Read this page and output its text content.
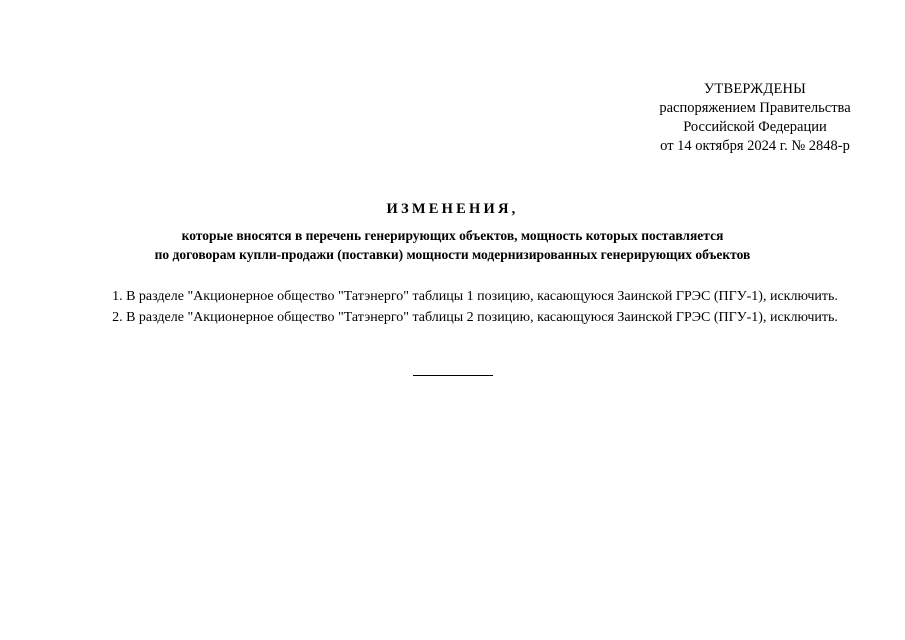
УТВЕРЖДЕНЫ
распоряжением Правительства
Российской Федерации
от 14 октября 2024 г. № 2848-р
ИЗМЕНЕНИЯ,
которые вносятся в перечень генерирующих объектов, мощность которых поставляется
по договорам купли-продажи (поставки) мощности модернизированных генерирующих объектов
1. В разделе "Акционерное общество "Татэнерго" таблицы 1 позицию, касающуюся Заинской ГРЭС (ПГУ-1), исключить.
2. В разделе "Акционерное общество "Татэнерго" таблицы 2 позицию, касающуюся Заинской ГРЭС (ПГУ-1), исключить.
